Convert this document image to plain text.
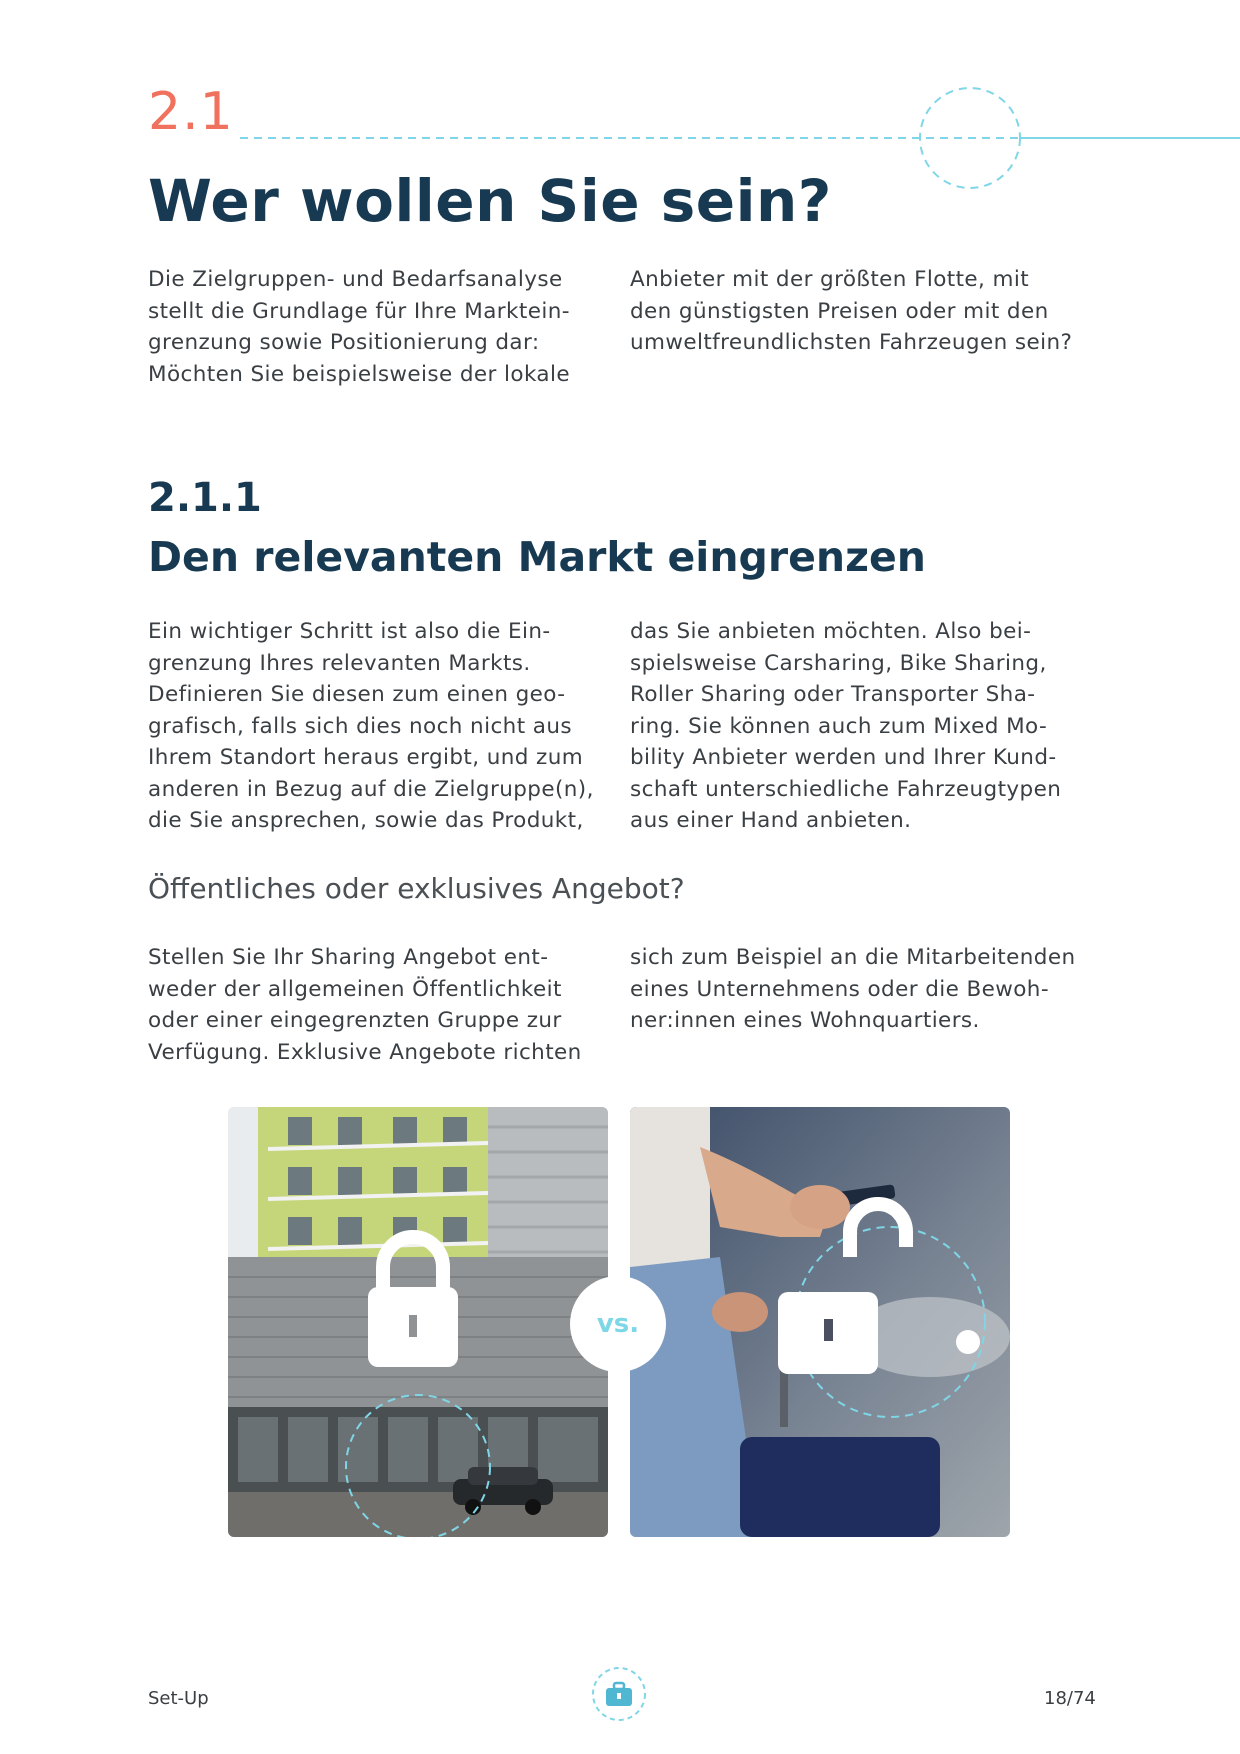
2.1
Wer wollen Sie sein?
Die Zielgruppen- und Bedarfsanalyse
stellt die Grundlage für Ihre Marktein-
grenzung sowie Positionierung dar:
Möchten Sie beispielsweise der lokale
Anbieter mit der größten Flotte, mit
den günstigsten Preisen oder mit den
umweltfreundlichsten Fahrzeugen sein?
2.1.1
Den relevanten Markt eingrenzen
Ein wichtiger Schritt ist also die Ein-
grenzung Ihres relevanten Markts.
Definieren Sie diesen zum einen geo-
grafisch, falls sich dies noch nicht aus
Ihrem Standort heraus ergibt, und zum
anderen in Bezug auf die Zielgruppe(n),
die Sie ansprechen, sowie das Produkt,
das Sie anbieten möchten. Also bei-
spielsweise Carsharing, Bike Sharing,
Roller Sharing oder Transporter Sha-
ring. Sie können auch zum Mixed Mo-
bility Anbieter werden und Ihrer Kund-
schaft unterschiedliche Fahrzeugtypen
aus einer Hand anbieten.
Öffentliches oder exklusives Angebot?
Stellen Sie Ihr Sharing Angebot ent-
weder der allgemeinen Öffentlichkeit
oder einer eingegrenzten Gruppe zur
Verfügung. Exklusive Angebote richten
sich zum Beispiel an die Mitarbeitenden
eines Unternehmens oder die Bewoh-
ner:innen eines Wohnquartiers.
vs.
Set-Up	18/74
